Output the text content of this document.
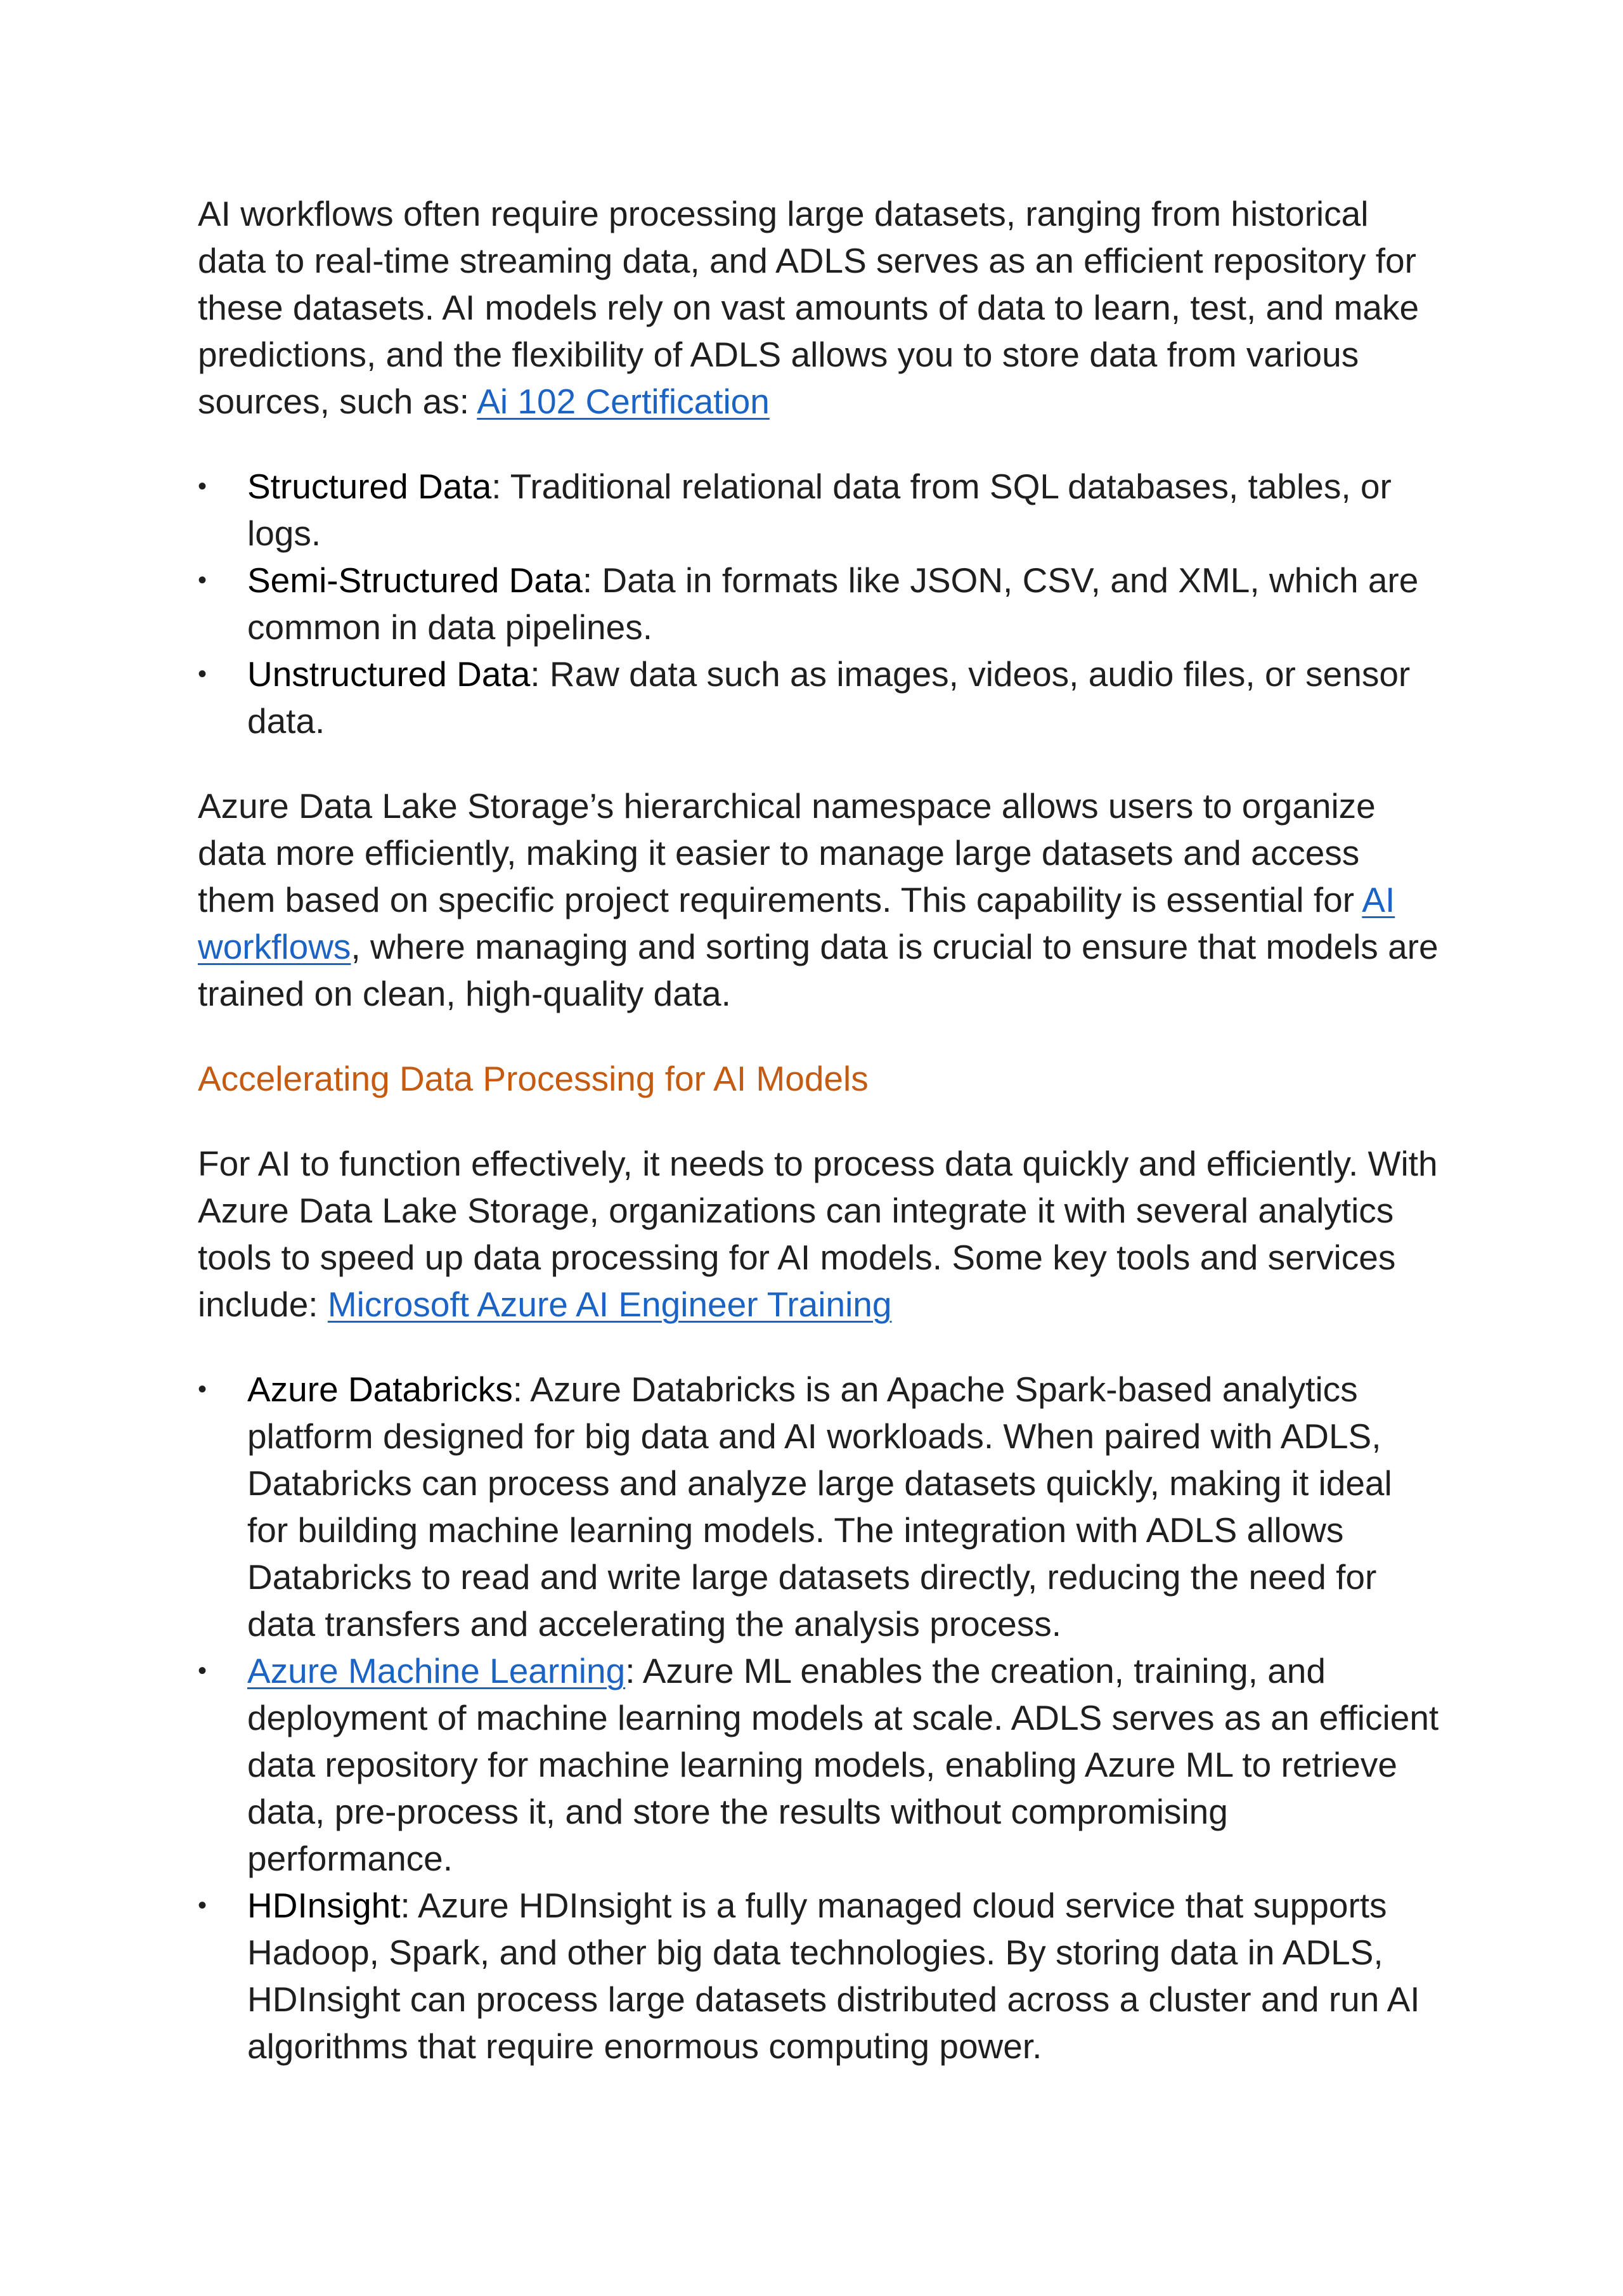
AI workflows often require processing large datasets, ranging from historical data to real-time streaming data, and ADLS serves as an efficient repository for these datasets. AI models rely on vast amounts of data to learn, test, and make predictions, and the flexibility of ADLS allows you to store data from various sources, such as: Ai 102 Certification

•	Structured Data: Traditional relational data from SQL databases, tables, or logs.
•	Semi-Structured Data: Data in formats like JSON, CSV, and XML, which are common in data pipelines.
•	Unstructured Data: Raw data such as images, videos, audio files, or sensor data.

Azure Data Lake Storage’s hierarchical namespace allows users to organize data more efficiently, making it easier to manage large datasets and access them based on specific project requirements. This capability is essential for AI workflows, where managing and sorting data is crucial to ensure that models are trained on clean, high-quality data.

Accelerating Data Processing for AI Models

For AI to function effectively, it needs to process data quickly and efficiently. With Azure Data Lake Storage, organizations can integrate it with several analytics tools to speed up data processing for AI models. Some key tools and services include: Microsoft Azure AI Engineer Training

•	Azure Databricks: Azure Databricks is an Apache Spark-based analytics platform designed for big data and AI workloads. When paired with ADLS, Databricks can process and analyze large datasets quickly, making it ideal for building machine learning models. The integration with ADLS allows Databricks to read and write large datasets directly, reducing the need for data transfers and accelerating the analysis process.
•	Azure Machine Learning: Azure ML enables the creation, training, and deployment of machine learning models at scale. ADLS serves as an efficient data repository for machine learning models, enabling Azure ML to retrieve data, pre-process it, and store the results without compromising performance.
•	HDInsight: Azure HDInsight is a fully managed cloud service that supports Hadoop, Spark, and other big data technologies. By storing data in ADLS, HDInsight can process large datasets distributed across a cluster and run AI algorithms that require enormous computing power.
